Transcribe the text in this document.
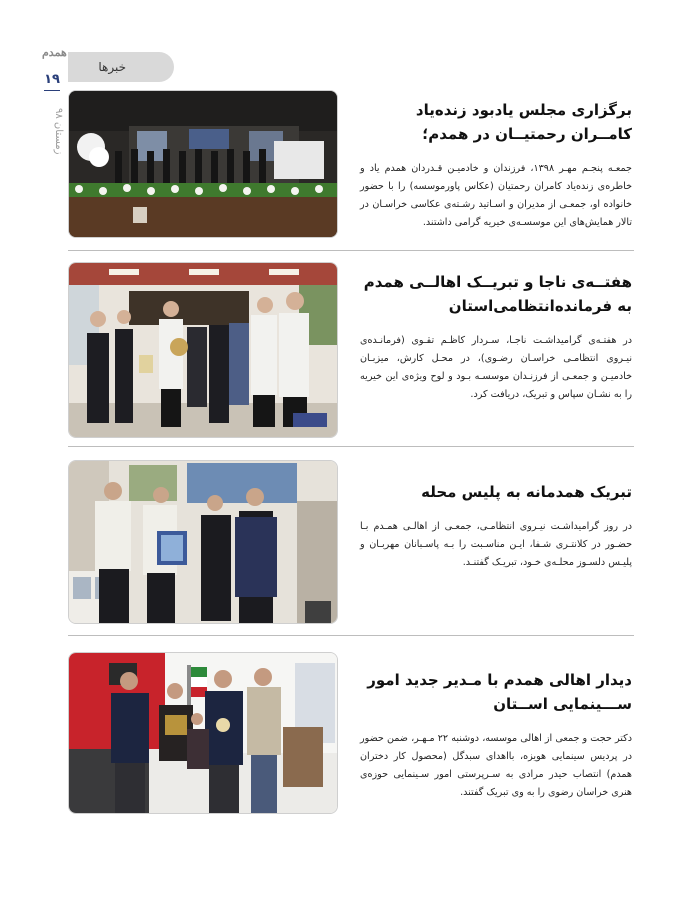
همدم
۱۹
زمستان ۹۸
خبرها
برگزاری مجلس یادبود زنده‌یاد کامــران رحمتیــان در همدم؛

جمعـه پنجـم مهـر ۱۳۹۸، فرزندان و خادمیـن قـدردان همدم یاد و خاطره‌ی زنده‌یاد کامران رحمتیان (عکاس پاورموسسه) را با حضور خانواده او، جمعـی از مدیران و اسـاتید رشـته‌ی عکاسی خراسـان در تالار همایش‌های این موسسـه‌ی خیریه گرامی داشتند.

هفتــه‌ی ناجا و تبریــک اهالــی همدم به فرمانده‌انتظامی‌استان

در هفتـه‌ی گرامیداشـت ناجـا، سـردار کاظـم تقـوی (فرمانـده‌ی نیـروی انتظامـی خراسـان رضـوی)، در محـل کارش، میزبـان خادمیـن و جمعـی از فرزنـدان موسسـه بـود و لوح ویژه‌ی این خیریه را به نشـان سپاس و تبریک، دریافت کرد.

تبریک همدمانه به پلیس محله

در روز گرامیداشـت نیـروی انتظامـی، جمعـی از اهالـی همـدم بـا حضـور در کلانتـری شـفا، ایـن مناسـبت را بـه پاسـبانان مهربـان و پلیـس دلسـوز محلـه‌ی خـود، تبریـک گفتنـد.

دیدار اهالی همدم با مـدیر جدید امور ســـینمایی اســتان

دکتر حجت و جمعی از اهالی موسسه، دوشنبه ۲۲ مـهـر، ضمن حضور در پردیس سینمایی هویزه، بااهدای سبدگل (محصول کار دختران همدم) انتصاب حیدر مرادی به سـرپرستی امور سـینمایی حوزه‌ی هنری خراسان رضوی را به وی تبریک گفتند.
